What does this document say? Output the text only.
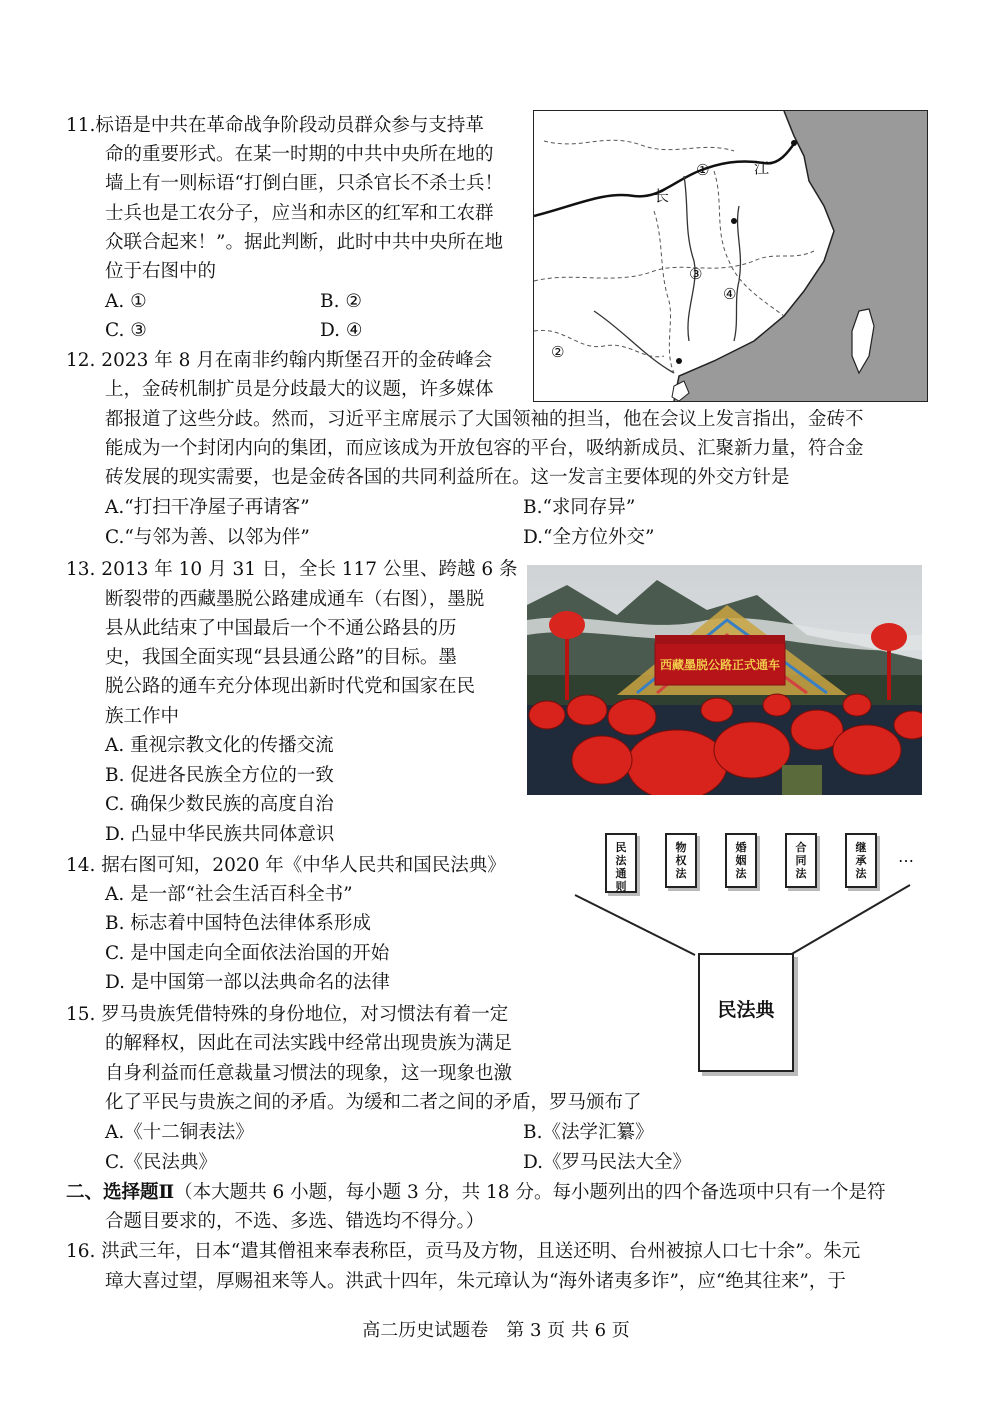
11.标语是中共在革命战争阶段动员群众参与支持革
命的重要形式。在某一时期的中共中央所在地的
墙上有一则标语“打倒白匪，只杀官长不杀士兵！
士兵也是工农分子，应当和赤区的红军和工农群
众联合起来！”。据此判断，此时中共中央所在地
位于右图中的
A. ①	B. ②
C. ③	D. ④
①
②
③
④
长
江
12. 2023 年 8 月在南非约翰内斯堡召开的金砖峰会
上，金砖机制扩员是分歧最大的议题，许多媒体
都报道了这些分歧。然而，习近平主席展示了大国领袖的担当，他在会议上发言指出，金砖不
能成为一个封闭内向的集团，而应该成为开放包容的平台，吸纳新成员、汇聚新力量，符合金
砖发展的现实需要，也是金砖各国的共同利益所在。这一发言主要体现的外交方针是
A.“打扫干净屋子再请客”	B.“求同存异”
C.“与邻为善、以邻为伴”	D.“全方位外交”
13. 2013 年 10 月 31 日，全长 117 公里、跨越 6 条
断裂带的西藏墨脱公路建成通车（右图），墨脱
县从此结束了中国最后一个不通公路县的历
史，我国全面实现“县县通公路”的目标。墨
脱公路的通车充分体现出新时代党和国家在民
族工作中
A. 重视宗教文化的传播交流
B. 促进各民族全方位的一致
C. 确保少数民族的高度自治
D. 凸显中华民族共同体意识
西藏墨脱公路正式通车
14. 据右图可知，2020 年《中华人民共和国民法典》
A. 是一部“社会生活百科全书”
B. 标志着中国特色法律体系形成
C. 是中国走向全面依法治国的开始
D. 是中国第一部以法典命名的法律
民
法
通
则
物
权
法
婚
姻
法
合
同
法
继
承
法
…
民法典
15. 罗马贵族凭借特殊的身份地位，对习惯法有着一定
的解释权，因此在司法实践中经常出现贵族为满足
自身利益而任意裁量习惯法的现象，这一现象也激
化了平民与贵族之间的矛盾。为缓和二者之间的矛盾，罗马颁布了
A.《十二铜表法》	B.《法学汇纂》
C.《民法典》	D.《罗马民法大全》
二、选择题Ⅱ（本大题共 6 小题，每小题 3 分，共 18 分。每小题列出的四个备选项中只有一个是符
合题目要求的，不选、多选、错选均不得分。）
16. 洪武三年，日本“遣其僧祖来奉表称臣，贡马及方物，且送还明、台州被掠人口七十余”。朱元
璋大喜过望，厚赐祖来等人。洪武十四年，朱元璋认为“海外诸夷多诈”，应“绝其往来”，于
高二历史试题卷　第 3 页 共 6 页
